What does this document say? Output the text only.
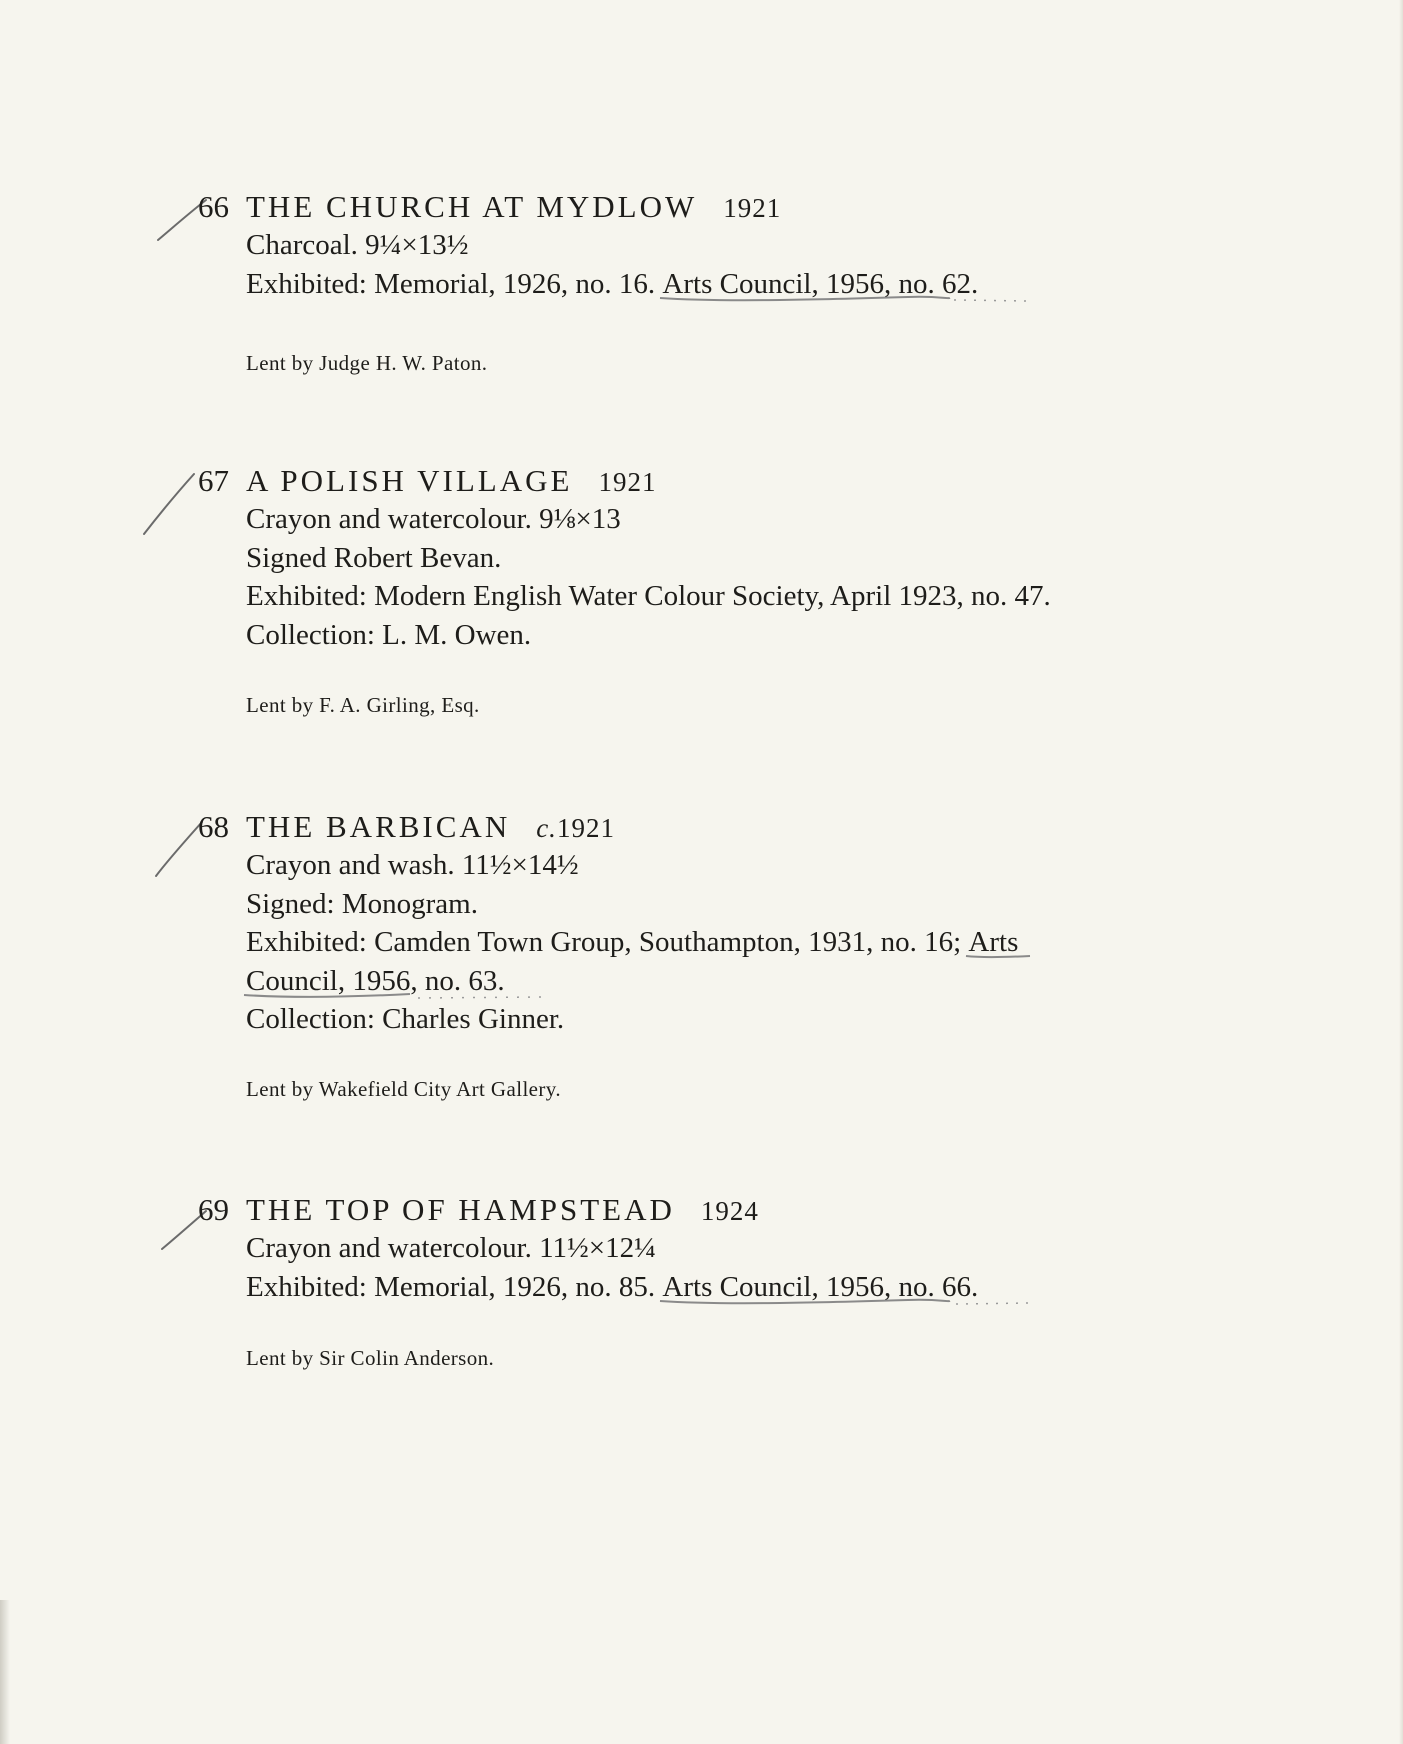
66 THE CHURCH AT MYDLOW 1921
Charcoal. 9¼×13½
Exhibited: Memorial, 1926, no. 16. Arts Council, 1956, no. 62.
Lent by Judge H. W. Paton.
67 A POLISH VILLAGE 1921
Crayon and watercolour. 9⅛×13
Signed Robert Bevan.
Exhibited: Modern English Water Colour Society, April 1923, no. 47.
Collection: L. M. Owen.
Lent by F. A. Girling, Esq.
68 THE BARBICAN c.1921
Crayon and wash. 11½×14½
Signed: Monogram.
Exhibited: Camden Town Group, Southampton, 1931, no. 16; Arts
Council, 1956, no. 63.
Collection: Charles Ginner.
Lent by Wakefield City Art Gallery.
69 THE TOP OF HAMPSTEAD 1924
Crayon and watercolour. 11½×12¼
Exhibited: Memorial, 1926, no. 85. Arts Council, 1956, no. 66.
Lent by Sir Colin Anderson.
